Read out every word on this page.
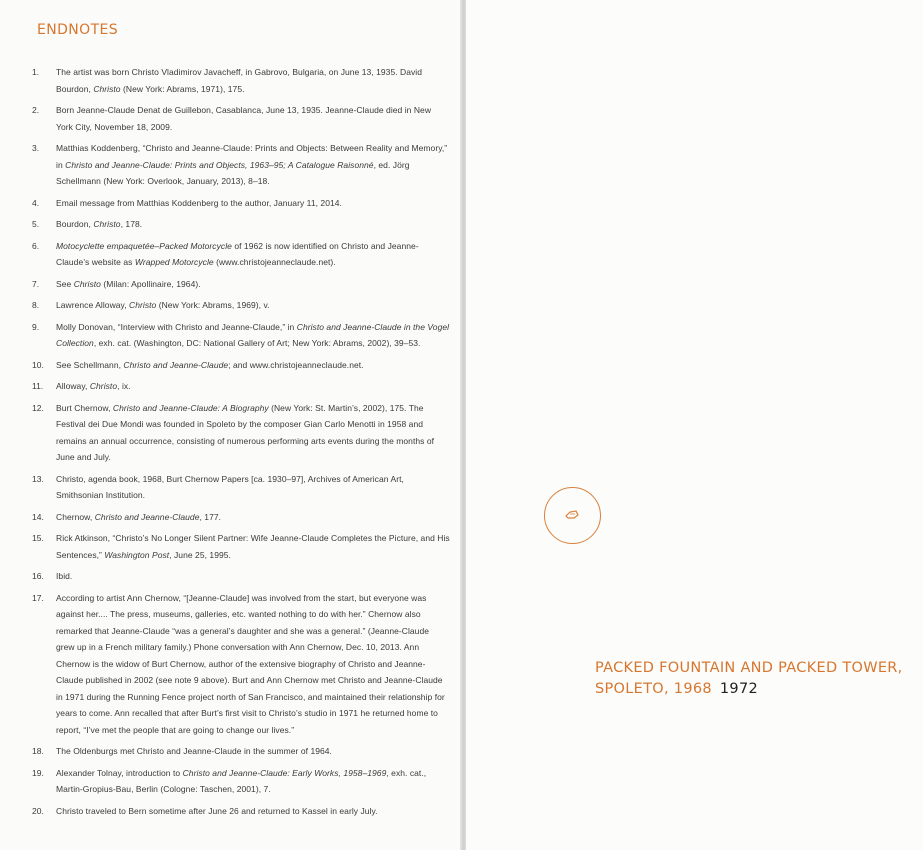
ENDNOTES
1.	The artist was born Christo Vladimirov Javacheff, in Gabrovo, Bulgaria, on June 13, 1935. David Bourdon, Christo (New York: Abrams, 1971), 175.
2.	Born Jeanne-Claude Denat de Guillebon, Casablanca, June 13, 1935. Jeanne-Claude died in New York City, November 18, 2009.
3.	Matthias Koddenberg, “Christo and Jeanne-Claude: Prints and Objects: Between Reality and Memory,” in Christo and Jeanne-Claude: Prints and Objects, 1963–95; A Catalogue Raisonné, ed. Jörg Schellmann (New York: Overlook, January, 2013), 8–18.
4.	Email message from Matthias Koddenberg to the author, January 11, 2014.
5.	Bourdon, Christo, 178.
6.	Motocyclette empaquetée–Packed Motorcycle of 1962 is now identified on Christo and Jeanne-Claude’s website as Wrapped Motorcycle (www.christojeanneclaude.net).
7.	See Christo (Milan: Apollinaire, 1964).
8.	Lawrence Alloway, Christo (New York: Abrams, 1969), v.
9.	Molly Donovan, “Interview with Christo and Jeanne-Claude,” in Christo and Jeanne-Claude in the Vogel Collection, exh. cat. (Washington, DC: National Gallery of Art; New York: Abrams, 2002), 39–53.
10.	See Schellmann, Christo and Jeanne-Claude; and www.christojeanneclaude.net.
11.	Alloway, Christo, ix.
12.	Burt Chernow, Christo and Jeanne-Claude: A Biography (New York: St. Martin’s, 2002), 175. The Festival dei Due Mondi was founded in Spoleto by the composer Gian Carlo Menotti in 1958 and remains an annual occurrence, consisting of numerous performing arts events during the months of June and July.
13.	Christo, agenda book, 1968, Burt Chernow Papers [ca. 1930–97], Archives of American Art, Smithsonian Institution.
14.	Chernow, Christo and Jeanne-Claude, 177.
15.	Rick Atkinson, “Christo’s No Longer Silent Partner: Wife Jeanne-Claude Completes the Picture, and His Sentences,” Washington Post, June 25, 1995.
16.	Ibid.
17.	According to artist Ann Chernow, “[Jeanne-Claude] was involved from the start, but everyone was against her.... The press, museums, galleries, etc. wanted nothing to do with her.” Chernow also remarked that Jeanne-Claude “was a general’s daughter and she was a general.” (Jeanne-Claude grew up in a French military family.) Phone conversation with Ann Chernow, Dec. 10, 2013. Ann Chernow is the widow of Burt Chernow, author of the extensive biography of Christo and Jeanne-Claude published in 2002 (see note 9 above). Burt and Ann Chernow met Christo and Jeanne-Claude in 1971 during the Running Fence project north of San Francisco, and maintained their relationship for years to come. Ann recalled that after Burt’s first visit to Christo’s studio in 1971 he returned home to report, “I’ve met the people that are going to change our lives.”
18.	The Oldenburgs met Christo and Jeanne-Claude in the summer of 1964.
19.	Alexander Tolnay, introduction to Christo and Jeanne-Claude: Early Works, 1958–1969, exh. cat., Martin-Gropius-Bau, Berlin (Cologne: Taschen, 2001), 7.
20.	Christo traveled to Bern sometime after June 26 and returned to Kassel in early July.
PACKED FOUNTAIN AND PACKED TOWER,
SPOLETO, 1968 1972
